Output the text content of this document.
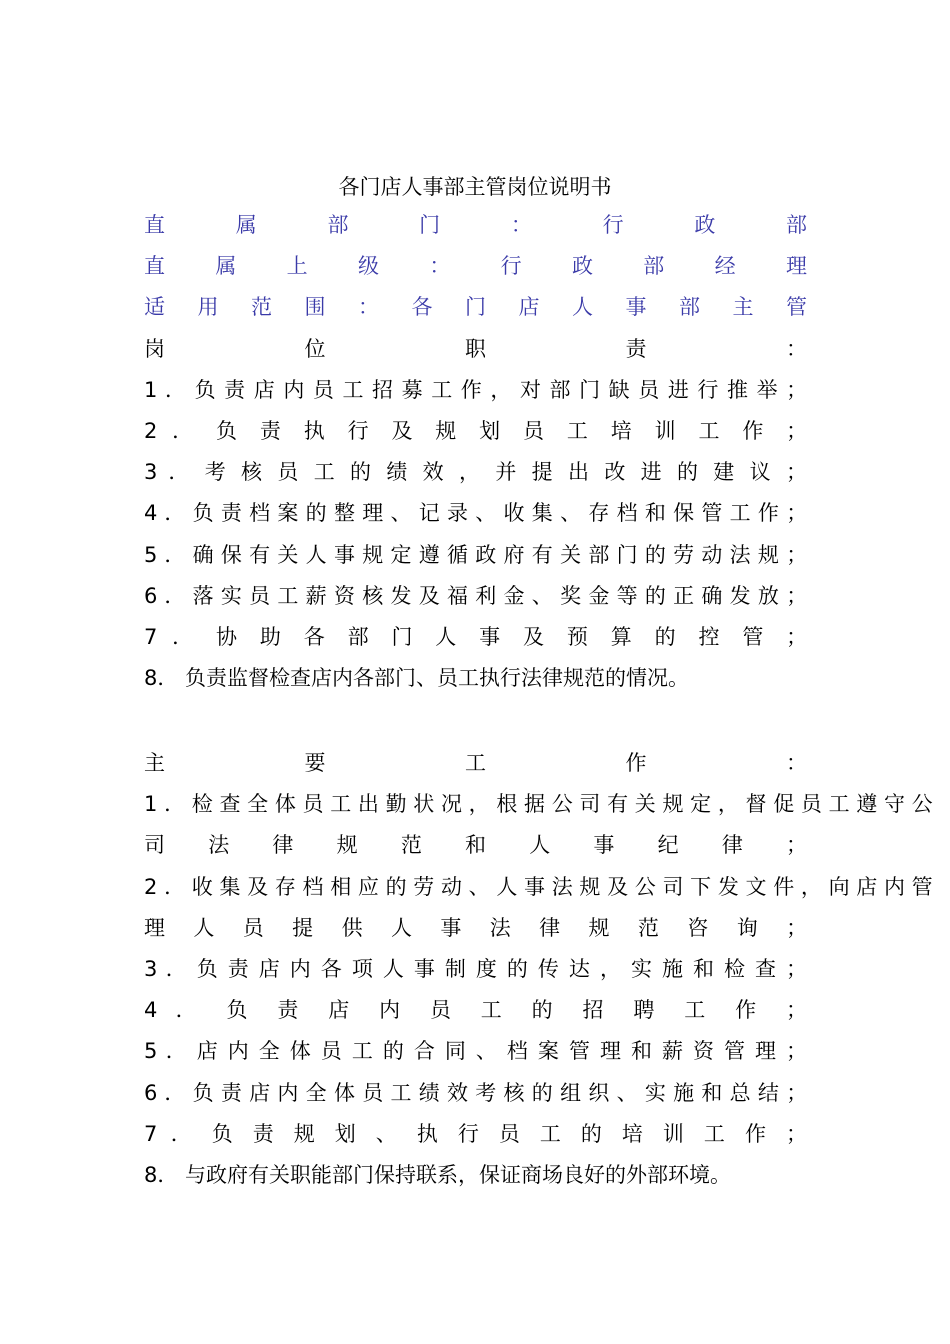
各门店人事部主管岗位说明书
直 属 部 门 ： 行 政 部
直 属 上 级 ： 行 政 部 经 理
适 用 范 围 ： 各 门 店 人 事 部 主 管
岗	位	职	责	：
1 ． 负 责 店 内 员 工 招 募 工 作 ， 对 部 门 缺 员 进 行 推 举 ；
2 ． 负 责 执 行 及 规 划 员 工 培 训 工 作 ；
3 ． 考 核 员 工 的 绩 效 ， 并 提 出 改 进 的 建 议 ；
4 ． 负 责 档 案 的 整 理 、 记 录 、 收 集 、 存 档 和 保 管 工 作 ；
5 ． 确 保 有 关 人 事 规 定 遵 循 政 府 有 关 部 门 的 劳 动 法 规 ；
6 ． 落 实 员 工 薪 资 核 发 及 福 利 金 、 奖 金 等 的 正 确 发 放 ；
7 ． 协 助 各 部 门 人 事 及 预 算 的 控 管 ；
8． 负责监督检查店内各部门、员工执行法律规范的情况。
主	要	工	作	：
1 ． 检 查 全 体 员 工 出 勤 状 况 ， 根 据 公 司 有 关 规 定 ， 督 促 员 工 遵 守 公
司 法 律 规 范 和 人 事 纪 律 ；
2 ． 收 集 及 存 档 相 应 的 劳 动 、 人 事 法 规 及 公 司 下 发 文 件 ， 向 店 内 管
理 人 员 提 供 人 事 法 律 规 范 咨 询 ；
3 ． 负 责 店 内 各 项 人 事 制 度 的 传 达 ， 实 施 和 检 查 ；
4 ． 负 责 店 内 员 工 的 招 聘 工 作 ；
5 ． 店 内 全 体 员 工 的 合 同 、 档 案 管 理 和 薪 资 管 理 ；
6 ． 负 责 店 内 全 体 员 工 绩 效 考 核 的 组 织 、 实 施 和 总 结 ；
7 ． 负 责 规 划 、 执 行 员 工 的 培 训 工 作 ；
8． 与政府有关职能部门保持联系，保证商场良好的外部环境。
